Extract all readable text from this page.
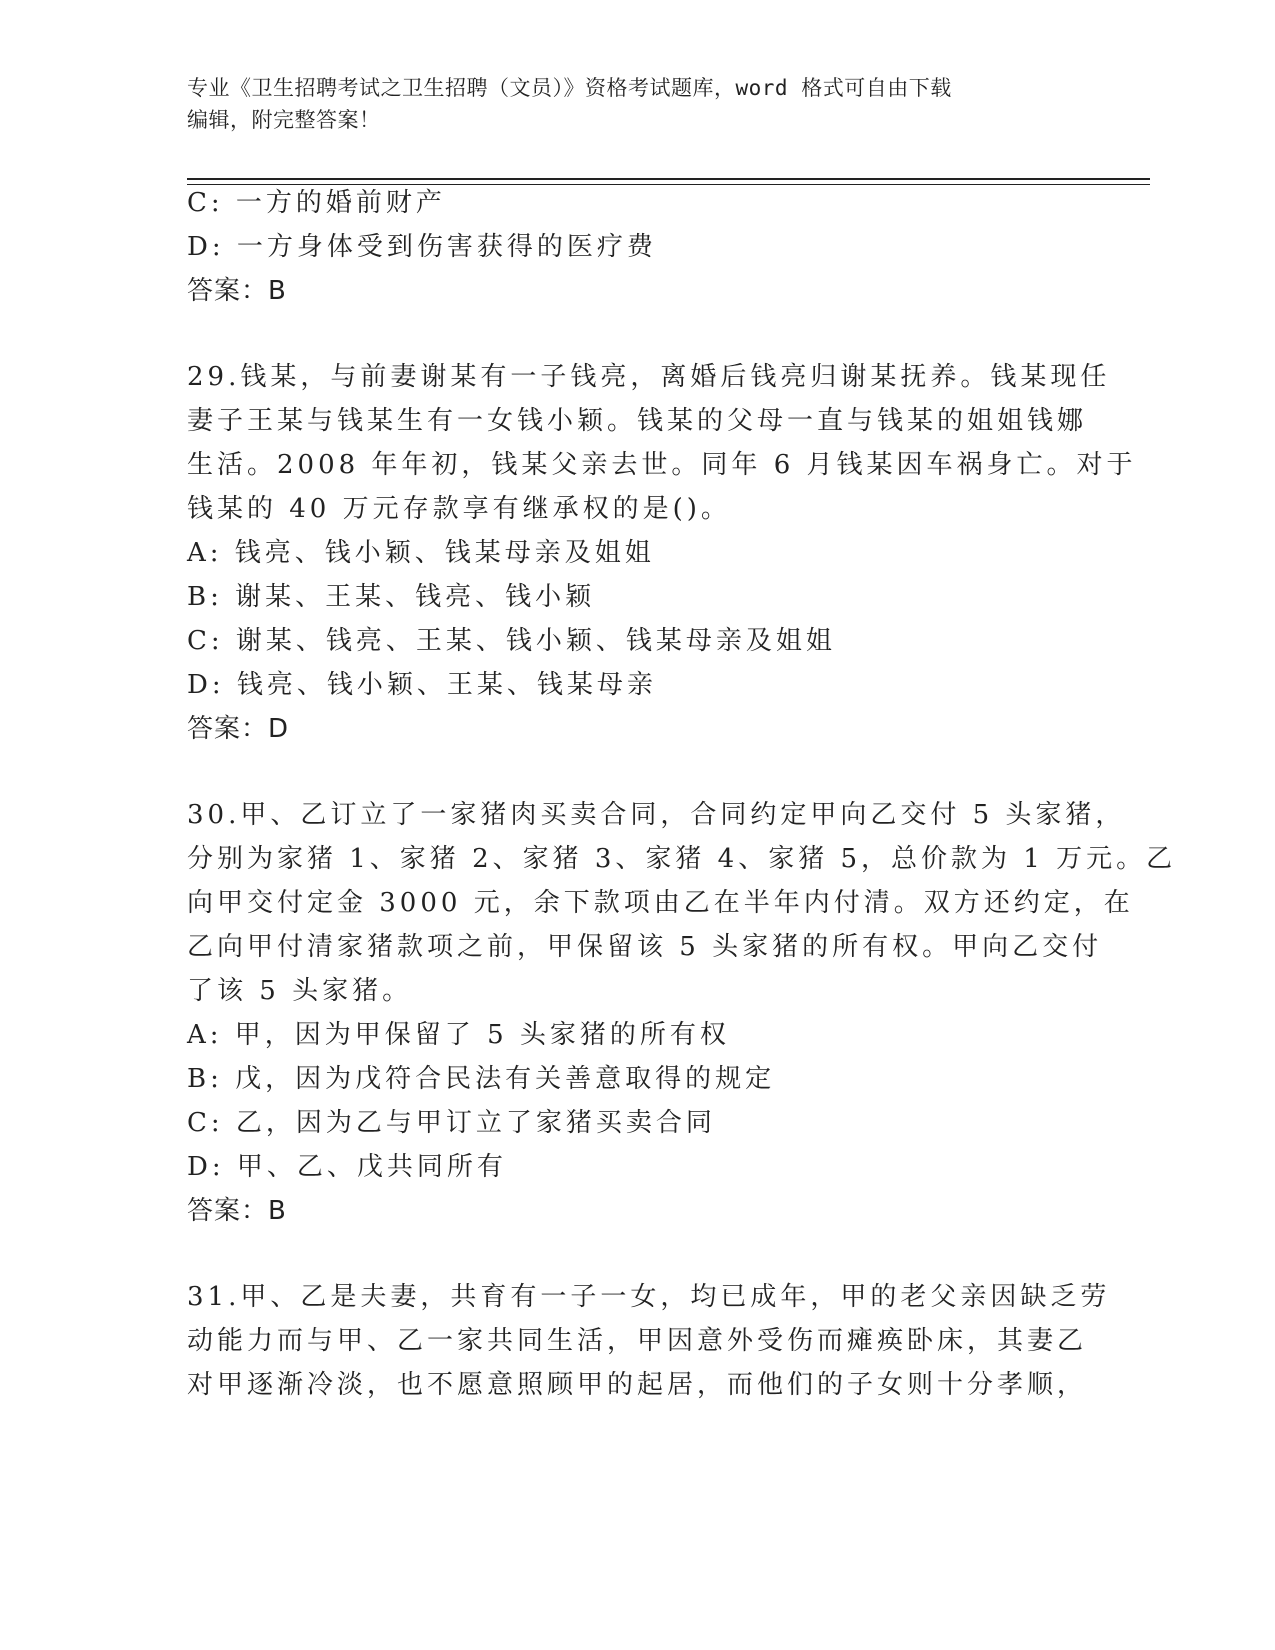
专业《卫生招聘考试之卫生招聘（文员）》资格考试题库，word 格式可自由下载
编辑，附完整答案！
C: 一方的婚前财产
D: 一方身体受到伤害获得的医疗费
答案：B
29.钱某，与前妻谢某有一子钱亮，离婚后钱亮归谢某抚养。钱某现任
妻子王某与钱某生有一女钱小颖。钱某的父母一直与钱某的姐姐钱娜
生活。2008 年年初，钱某父亲去世。同年 6 月钱某因车祸身亡。对于
钱某的 40 万元存款享有继承权的是()。
A: 钱亮、钱小颖、钱某母亲及姐姐
B: 谢某、王某、钱亮、钱小颖
C: 谢某、钱亮、王某、钱小颖、钱某母亲及姐姐
D: 钱亮、钱小颖、王某、钱某母亲
答案：D
30.甲、乙订立了一家猪肉买卖合同，合同约定甲向乙交付 5 头家猪，
分别为家猪 1、家猪 2、家猪 3、家猪 4、家猪 5，总价款为 1 万元。乙
向甲交付定金 3000 元，余下款项由乙在半年内付清。双方还约定，在
乙向甲付清家猪款项之前，甲保留该 5 头家猪的所有权。甲向乙交付
了该 5 头家猪。
A: 甲，因为甲保留了 5 头家猪的所有权
B: 戊，因为戊符合民法有关善意取得的规定
C: 乙，因为乙与甲订立了家猪买卖合同
D: 甲、乙、戊共同所有
答案：B
31.甲、乙是夫妻，共育有一子一女，均已成年，甲的老父亲因缺乏劳
动能力而与甲、乙一家共同生活，甲因意外受伤而瘫痪卧床，其妻乙
对甲逐渐冷淡，也不愿意照顾甲的起居，而他们的子女则十分孝顺，
